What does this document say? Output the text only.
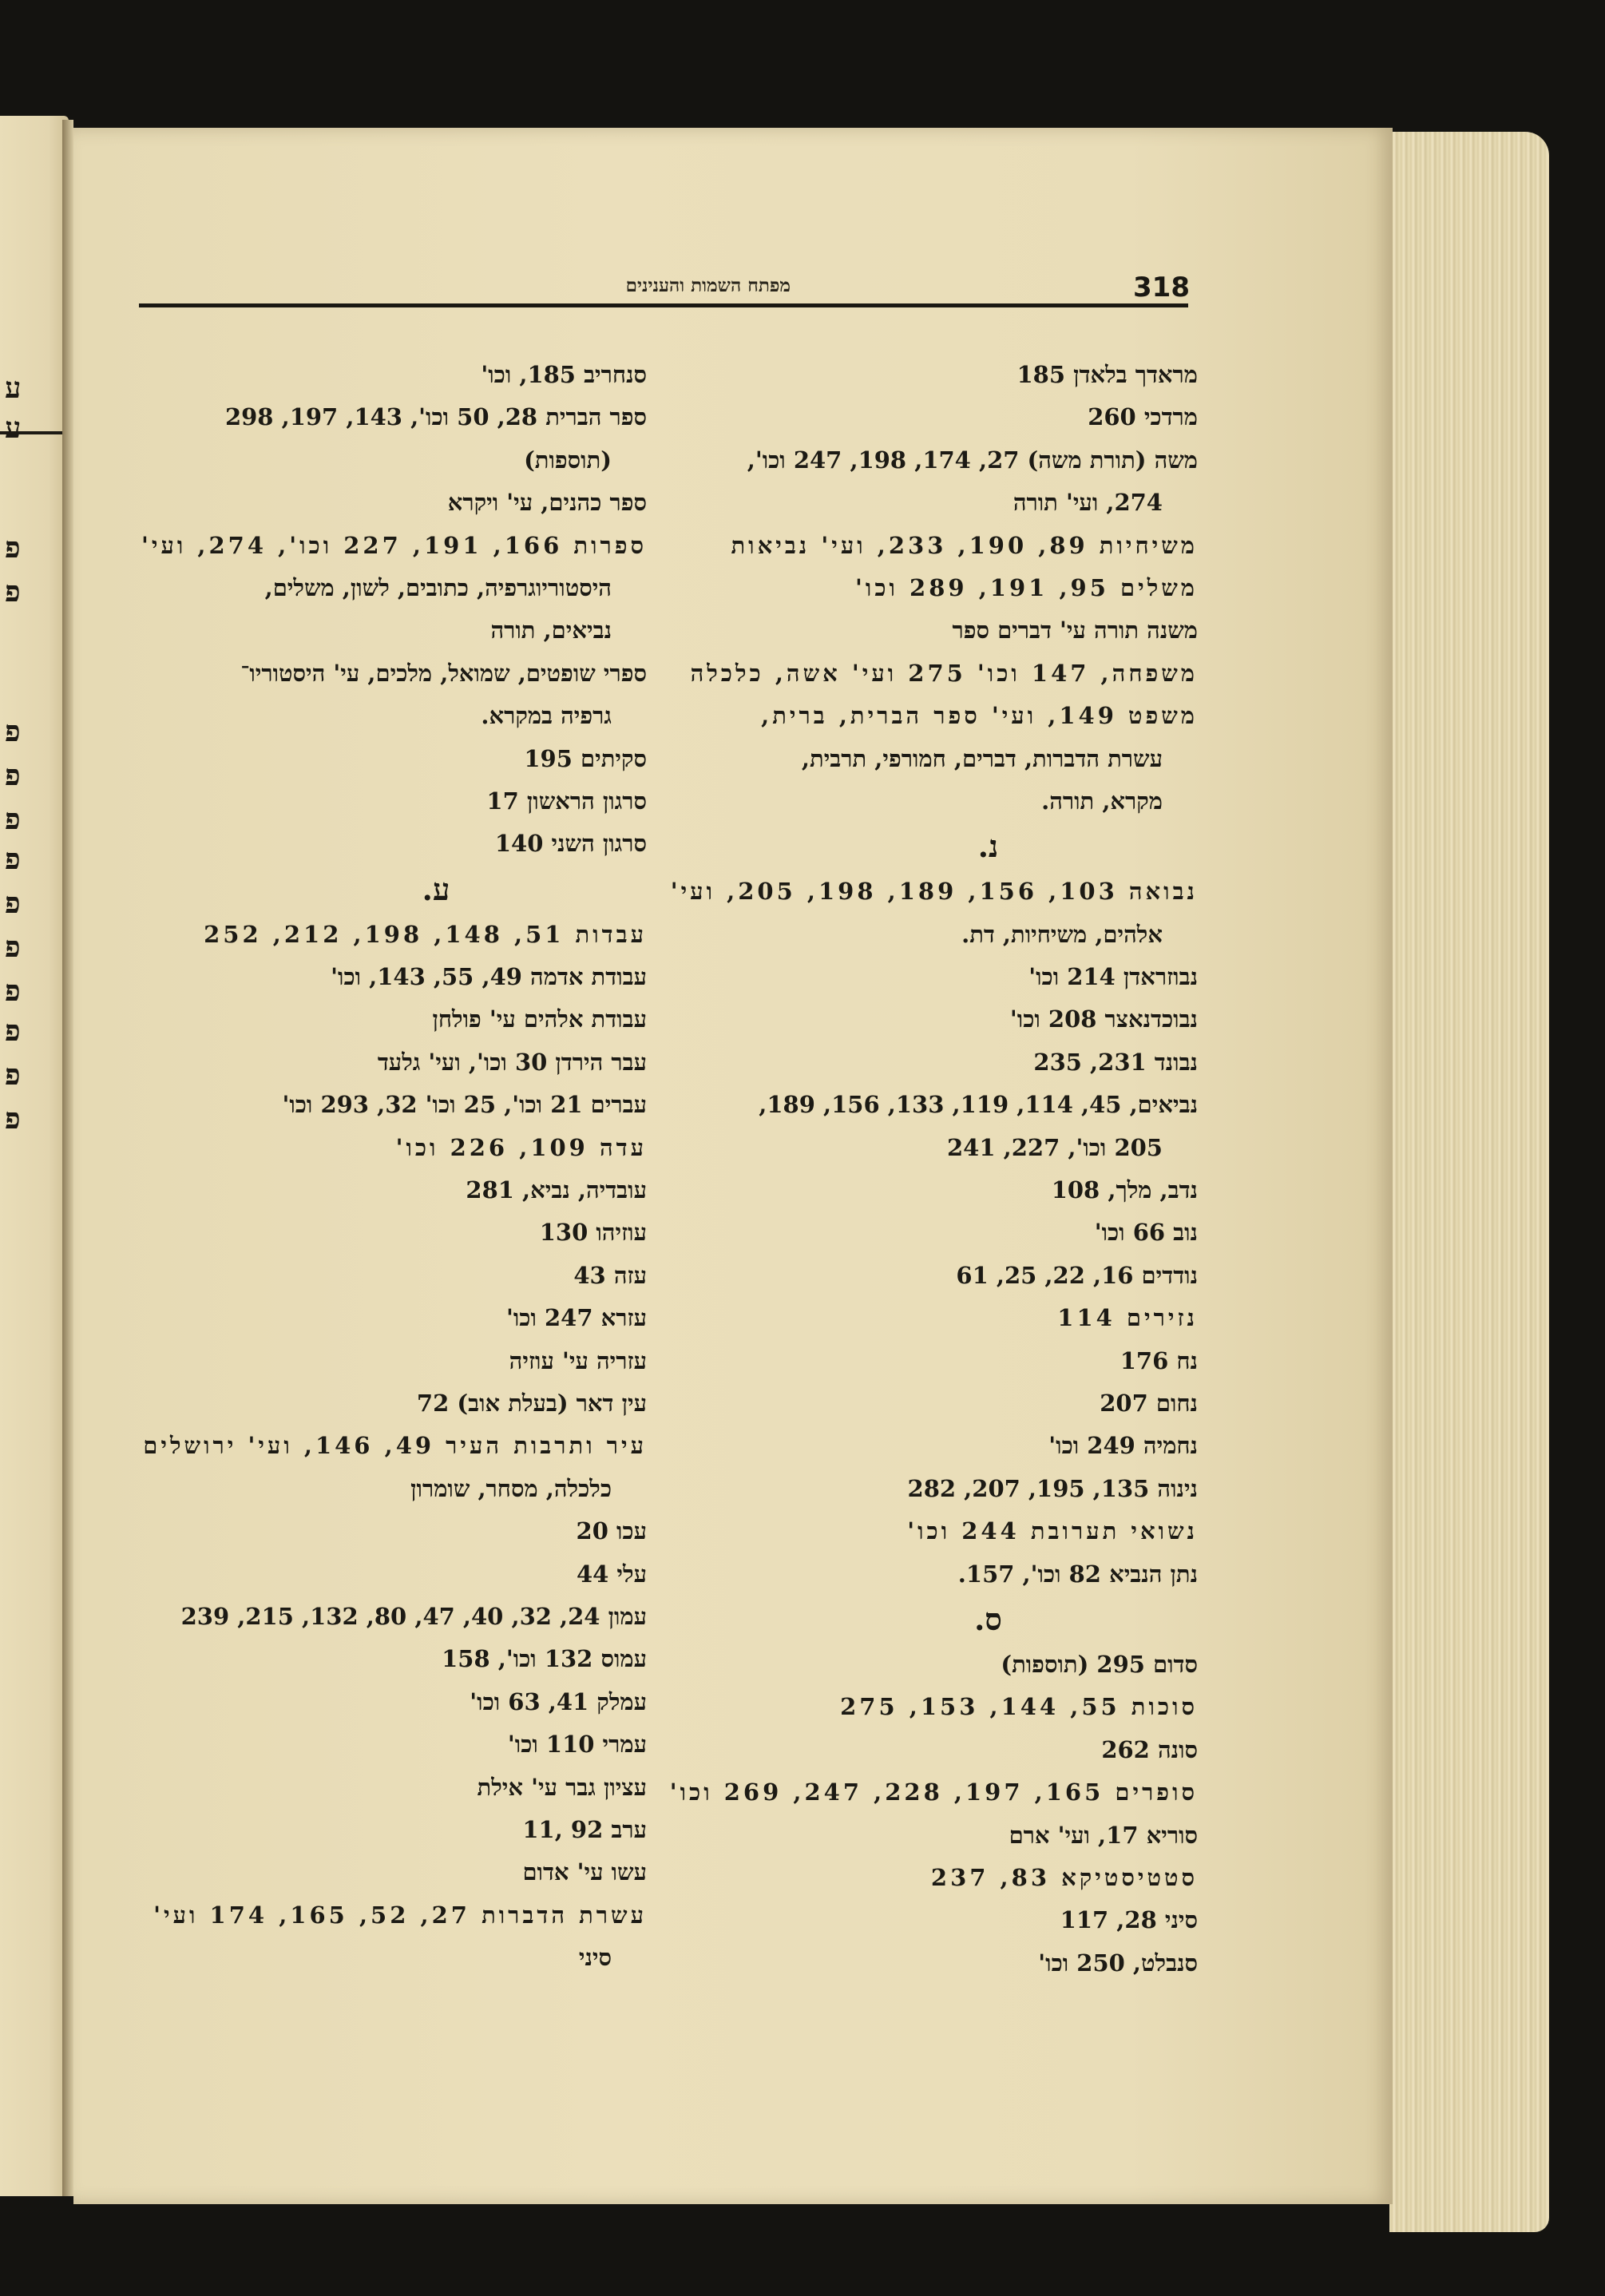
ע
ע
פ
פ
פ
פ
פ
פ
פ
פ
פ
פ
פ
פ
318
מפתח השמות והענינים
מראדך בלאדן 185
מרדכי 260
משה (תורת משה) 27, 174, 198, 247 וכו',
274, ועי' תורה
משיחיות 89, 190, 233, ועי' נביאות
משלים 95, 191, 289 וכו'
משנה תורה עי' דברים ספר
משפחה, 147 וכו' 275 ועי' אשה, כלכלה
משפט 149, ועי' ספר הברית, ברית,
עשרת הדברות, דברים, חמורפי, תרבית,
מקרא, תורה.
נ.
נבואה 103, 156, 189, 198, 205, ועי'
אלהים, משיחיות, דת.
נבוזראדן 214 וכו'
נבוכדנאצר 208 וכו'
נבונד 231, 235
נביאים, 45, 114, 119, 133, 156, 189,
205 וכו', 227, 241
נדב, מלך, 108
נוב 66 וכו'
נודדים 16, 22, 25, 61
נזירים 114
נח 176
נחום 207
נחמיה 249 וכו'
נינוה 135, 195, 207, 282
נשואי תערובת 244 וכו'
נתן הנביא 82 וכו', 157.
ס.
סדום 295 (תוספות)
סוכות 55, 144, 153, 275
סונה 262
סופרים 165, 197, 228, 247, 269 וכו'
סוריא 17, ועי' ארם
סטטיסטיקא 83, 237
סיני 28, 117
סנבלט, 250 וכו'
סנחריב 185, וכו'
ספר הברית 28, 50 וכו', 143, 197, 298
(תוספות)
ספר כהנים, עי' ויקרא
ספרות 166, 191, 227 וכו', 274, ועי'
היסטוריוגרפיה, כתובים, לשון, משלים,
נביאים, תורה
ספרי שופטים, שמואל, מלכים, עי' היסטוריו־
גרפיה במקרא.
סקיתים 195
סרגון הראשון 17
סרגון השני 140
ע.
עבדות 51, 148, 198, 212, 252
עבודת אדמה 49, 55, 143, וכו'
עבודת אלהים עי' פולחן
עבר הירדן 30 וכו', ועי' גלעד
עברים 21 וכו', 25 וכו' 32, 293 וכו'
עדה 109, 226 וכו'
עובדיה, נביא, 281
עוזיהו 130
עזה 43
עזרא 247 וכו'
עזריה עי' עוזיה
עין דאר (בעלת אוב) 72
עיר ותרבות העיר 49, 146, ועי' ירושלים
כלכלה, מסחר, שומרון
עכו 20
עלי 44
עמון 24, 32, 40, 47, 80, 132, 215, 239
עמוס 132 וכו', 158
עמלק 41, 63 וכו'
עמרי 110 וכו'
עציון גבר עי' אילת
ערב 92 ,11
עשו עי' אדום
עשרת הדברות 27, 52, 165, 174 ועי'
סיני
